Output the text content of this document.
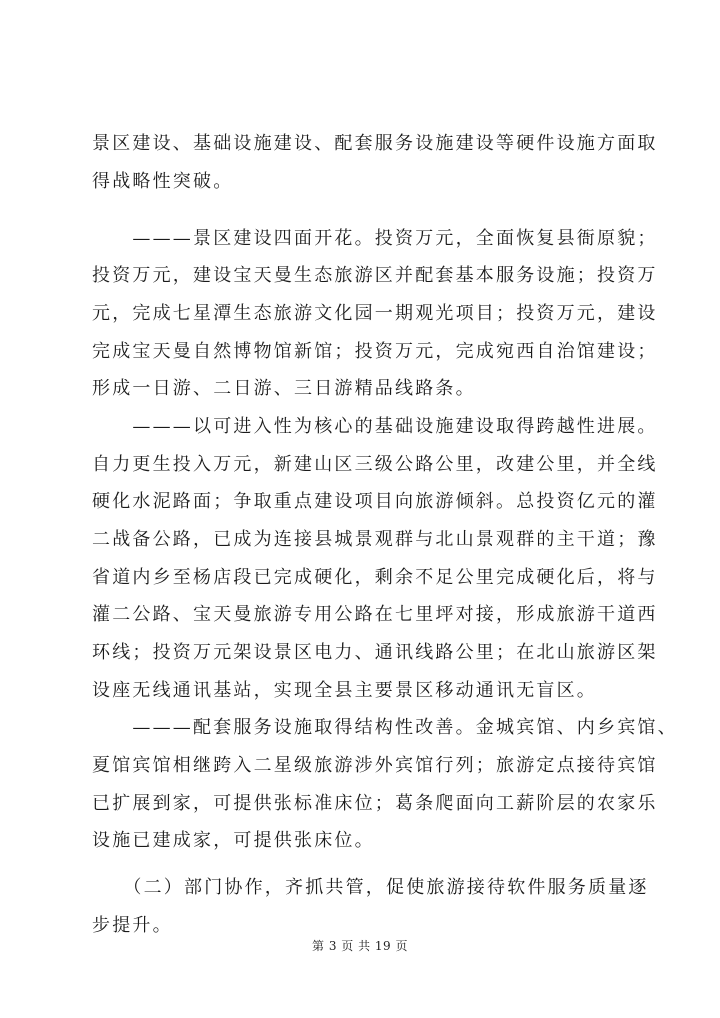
景区建设、基础设施建设、配套服务设施建设等硬件设施方面取
得战略性突破。
　　———景区建设四面开花。投资万元，全面恢复县衙原貌；
投资万元，建设宝天曼生态旅游区并配套基本服务设施；投资万
元，完成七星潭生态旅游文化园一期观光项目；投资万元，建设
完成宝天曼自然博物馆新馆；投资万元，完成宛西自治馆建设；
形成一日游、二日游、三日游精品线路条。
　　———以可进入性为核心的基础设施建设取得跨越性进展。
自力更生投入万元，新建山区三级公路公里，改建公里，并全线
硬化水泥路面；争取重点建设项目向旅游倾斜。总投资亿元的灌
二战备公路，已成为连接县城景观群与北山景观群的主干道；豫
省道内乡至杨店段已完成硬化，剩余不足公里完成硬化后，将与
灌二公路、宝天曼旅游专用公路在七里坪对接，形成旅游干道西
环线；投资万元架设景区电力、通讯线路公里；在北山旅游区架
设座无线通讯基站，实现全县主要景区移动通讯无盲区。
　　———配套服务设施取得结构性改善。金城宾馆、内乡宾馆、
夏馆宾馆相继跨入二星级旅游涉外宾馆行列；旅游定点接待宾馆
已扩展到家，可提供张标准床位；葛条爬面向工薪阶层的农家乐
设施已建成家，可提供张床位。
　　（二）部门协作，齐抓共管，促使旅游接待软件服务质量逐
步提升。
第 3 页 共 19 页
